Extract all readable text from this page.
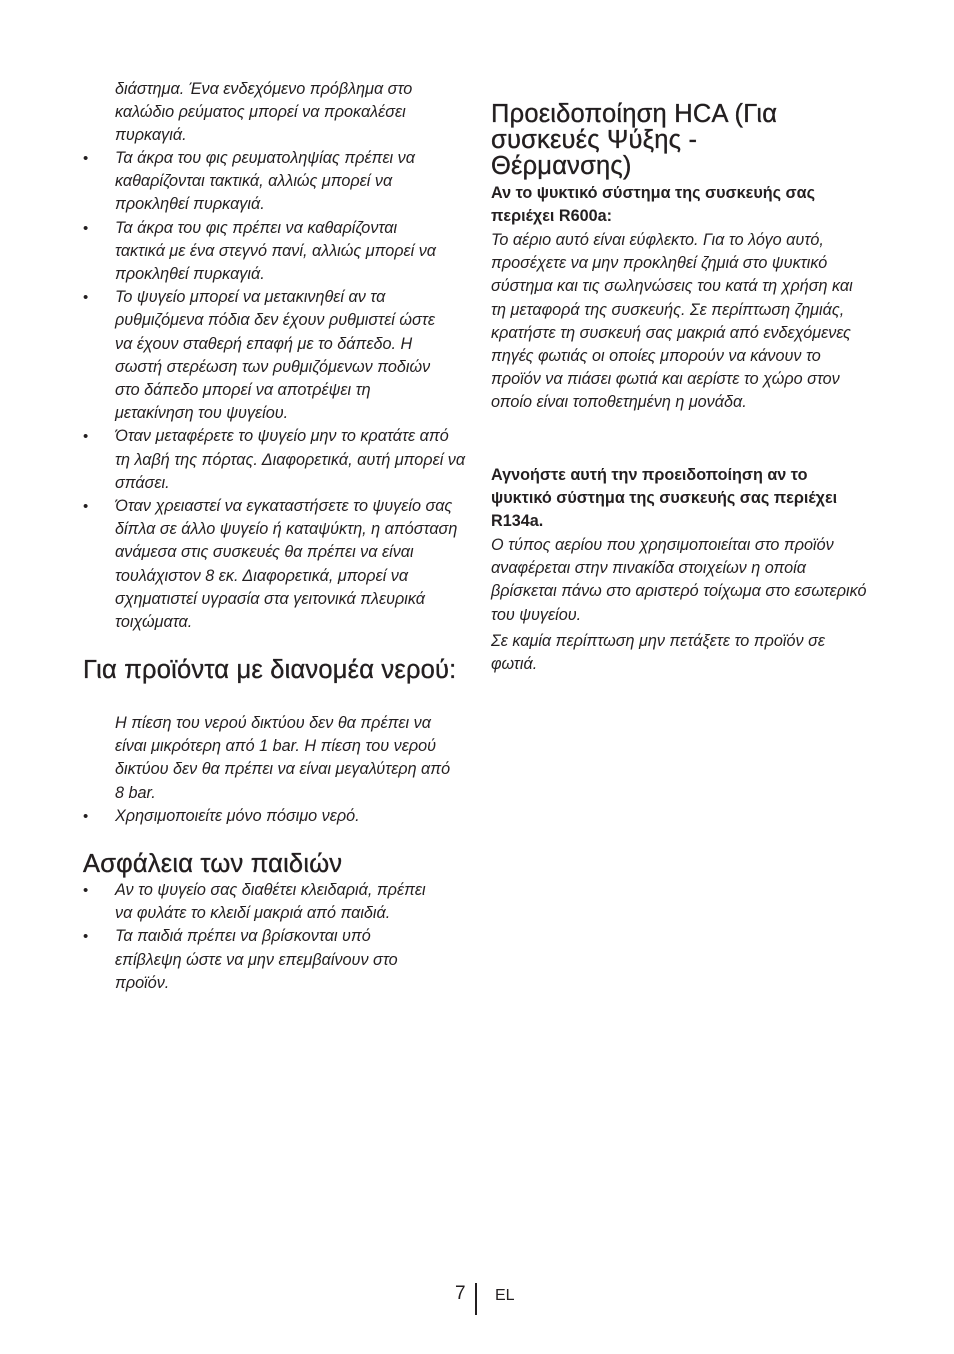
διάστημα. Ένα ενδεχόμενο πρόβλημα στο καλώδιο ρεύματος μπορεί να προκαλέσει πυρκαγιά.

• Τα άκρα του φις ρευματοληψίας πρέπει να καθαρίζονται τακτικά, αλλιώς μπορεί να προκληθεί πυρκαγιά.
• Τα άκρα του φις πρέπει να καθαρίζονται τακτικά με ένα στεγνό πανί, αλλιώς μπορεί να προκληθεί πυρκαγιά.
• Το ψυγείο μπορεί να μετακινηθεί αν τα ρυθμιζόμενα πόδια δεν έχουν ρυθμιστεί ώστε να έχουν σταθερή επαφή με το δάπεδο. Η σωστή στερέωση των ρυθμιζόμενων ποδιών στο δάπεδο μπορεί να αποτρέψει τη μετακίνηση του ψυγείου.
• Όταν μεταφέρετε το ψυγείο μην το κρατάτε από τη λαβή της πόρτας. Διαφορετικά, αυτή μπορεί να σπάσει.
• Όταν χρειαστεί να εγκαταστήσετε το ψυγείο σας δίπλα σε άλλο ψυγείο ή καταψύκτη, η απόσταση ανάμεσα στις συσκευές θα πρέπει να είναι τουλάχιστον 8 εκ. Διαφορετικά, μπορεί να σχηματιστεί υγρασία στα γειτονικά πλευρικά τοιχώματα.
Για προϊόντα με διανομέα νερού:

Η πίεση του νερού δικτύου δεν θα πρέπει να είναι μικρότερη από 1 bar. Η πίεση του νερού δικτύου δεν θα πρέπει να είναι μεγαλύτερη από 8 bar.

• Χρησιμοποιείτε μόνο πόσιμο νερό.
Ασφάλεια των παιδιών
• Αν το ψυγείο σας διαθέτει κλειδαριά, πρέπει να φυλάτε το κλειδί μακριά από παιδιά.
• Τα παιδιά πρέπει να βρίσκονται υπό επίβλεψη ώστε να μην επεμβαίνουν στο προϊόν.
Προειδοποίηση HCA (Για συσκευές Ψύξης - Θέρμανσης)

Αν το ψυκτικό σύστημα της συσκευής σας περιέχει R600a:

Το αέριο αυτό είναι εύφλεκτο. Για το λόγο αυτό, προσέχετε να μην προκληθεί ζημιά στο ψυκτικό σύστημα και τις σωληνώσεις του κατά τη χρήση και τη μεταφορά της συσκευής. Σε περίπτωση ζημιάς, κρατήστε τη συσκευή σας μακριά από ενδεχόμενες πηγές φωτιάς οι οποίες μπορούν να κάνουν το προϊόν να πιάσει φωτιά και αερίστε το χώρο στον οποίο είναι τοποθετημένη η μονάδα.

Αγνοήστε αυτή την προειδοποίηση αν το ψυκτικό σύστημα της συσκευής σας περιέχει R134a.

Ο τύπος αερίου που χρησιμοποιείται στο προϊόν αναφέρεται στην πινακίδα στοιχείων η οποία βρίσκεται πάνω στο αριστερό τοίχωμα στο εσωτερικό του ψυγείου.

Σε καμία περίπτωση μην πετάξετε το προϊόν σε φωτιά.

7 EL
